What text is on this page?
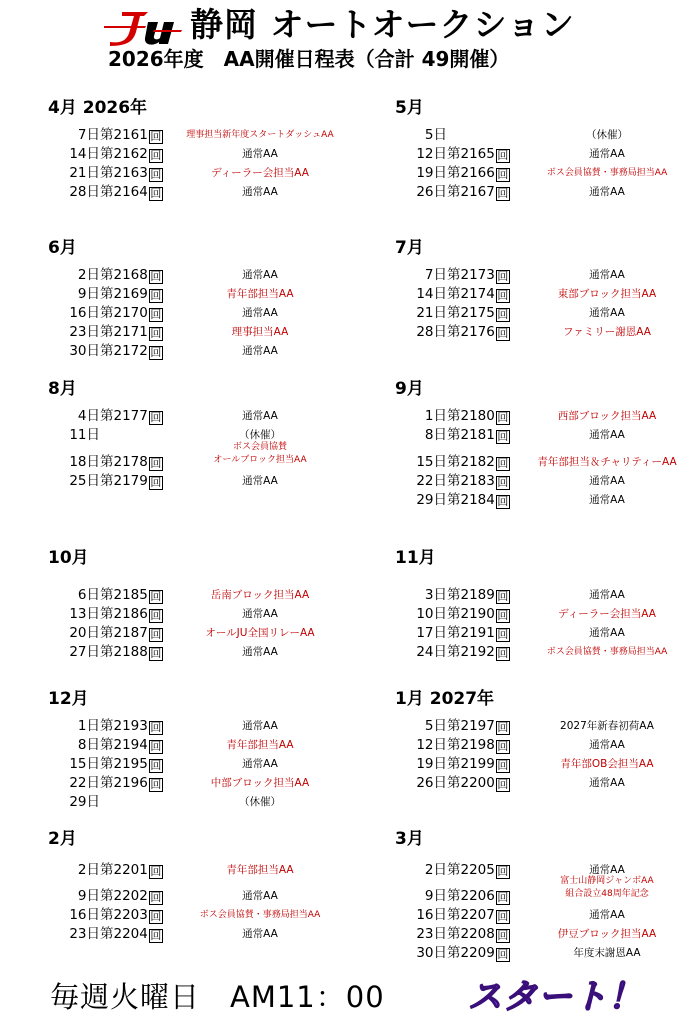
静岡 オートオークション
2026年度　AA開催日程表（合計 49開催）
4月 2026年
7日 第2161 回	理事担当新年度スタートダッシュAA
14日 第2162 回	通常AA
21日 第2163 回	ディーラー会担当AA
28日 第2164 回	通常AA
5月
5日	（休催）
12日 第2165 回	通常AA
19日 第2166 回	ボス会員協賛・事務局担当AA
26日 第2167 回	通常AA
6月
2日 第2168 回	通常AA
9日 第2169 回	青年部担当AA
16日 第2170 回	通常AA
23日 第2171 回	理事担当AA
30日 第2172 回	通常AA
7月
7日 第2173 回	通常AA
14日 第2174 回	東部ブロック担当AA
21日 第2175 回	通常AA
28日 第2176 回	ファミリー謝恩AA
8月
4日 第2177 回	通常AA
11日	（休催）
18日 第2178 回
ボス会員協賛
オールブロック担当AA
25日 第2179 回	通常AA
9月
1日 第2180 回	西部ブロック担当AA
8日 第2181 回	通常AA
15日 第2182 回	青年部担当＆チャリティーAA
22日 第2183 回	通常AA
29日 第2184 回	通常AA
10月
6日 第2185 回	岳南ブロック担当AA
13日 第2186 回	通常AA
20日 第2187 回	オールJU全国リレーAA
27日 第2188 回	通常AA
11月
3日 第2189 回	通常AA
10日 第2190 回	ディーラー会担当AA
17日 第2191 回	通常AA
24日 第2192 回	ボス会員協賛・事務局担当AA
12月
1日 第2193 回	通常AA
8日 第2194 回	青年部担当AA
15日 第2195 回	通常AA
22日 第2196 回	中部ブロック担当AA
29日	（休催）
1月 2027年
5日 第2197 回	2027年新春初荷AA
12日 第2198 回	通常AA
19日 第2199 回	青年部OB会担当AA
26日 第2200 回	通常AA
2月
2日 第2201 回	青年部担当AA
9日 第2202 回	通常AA
16日 第2203 回	ボス会員協賛・事務局担当AA
23日 第2204 回	通常AA
3月
2日 第2205 回	通常AA
9日 第2206 回
富士山静岡ジャンボAA
組合設立48周年記念
16日 第2207 回	通常AA
23日 第2208 回	伊豆ブロック担当AA
30日 第2209 回	年度末謝恩AA
毎週火曜日　AM11：00 スタート！
